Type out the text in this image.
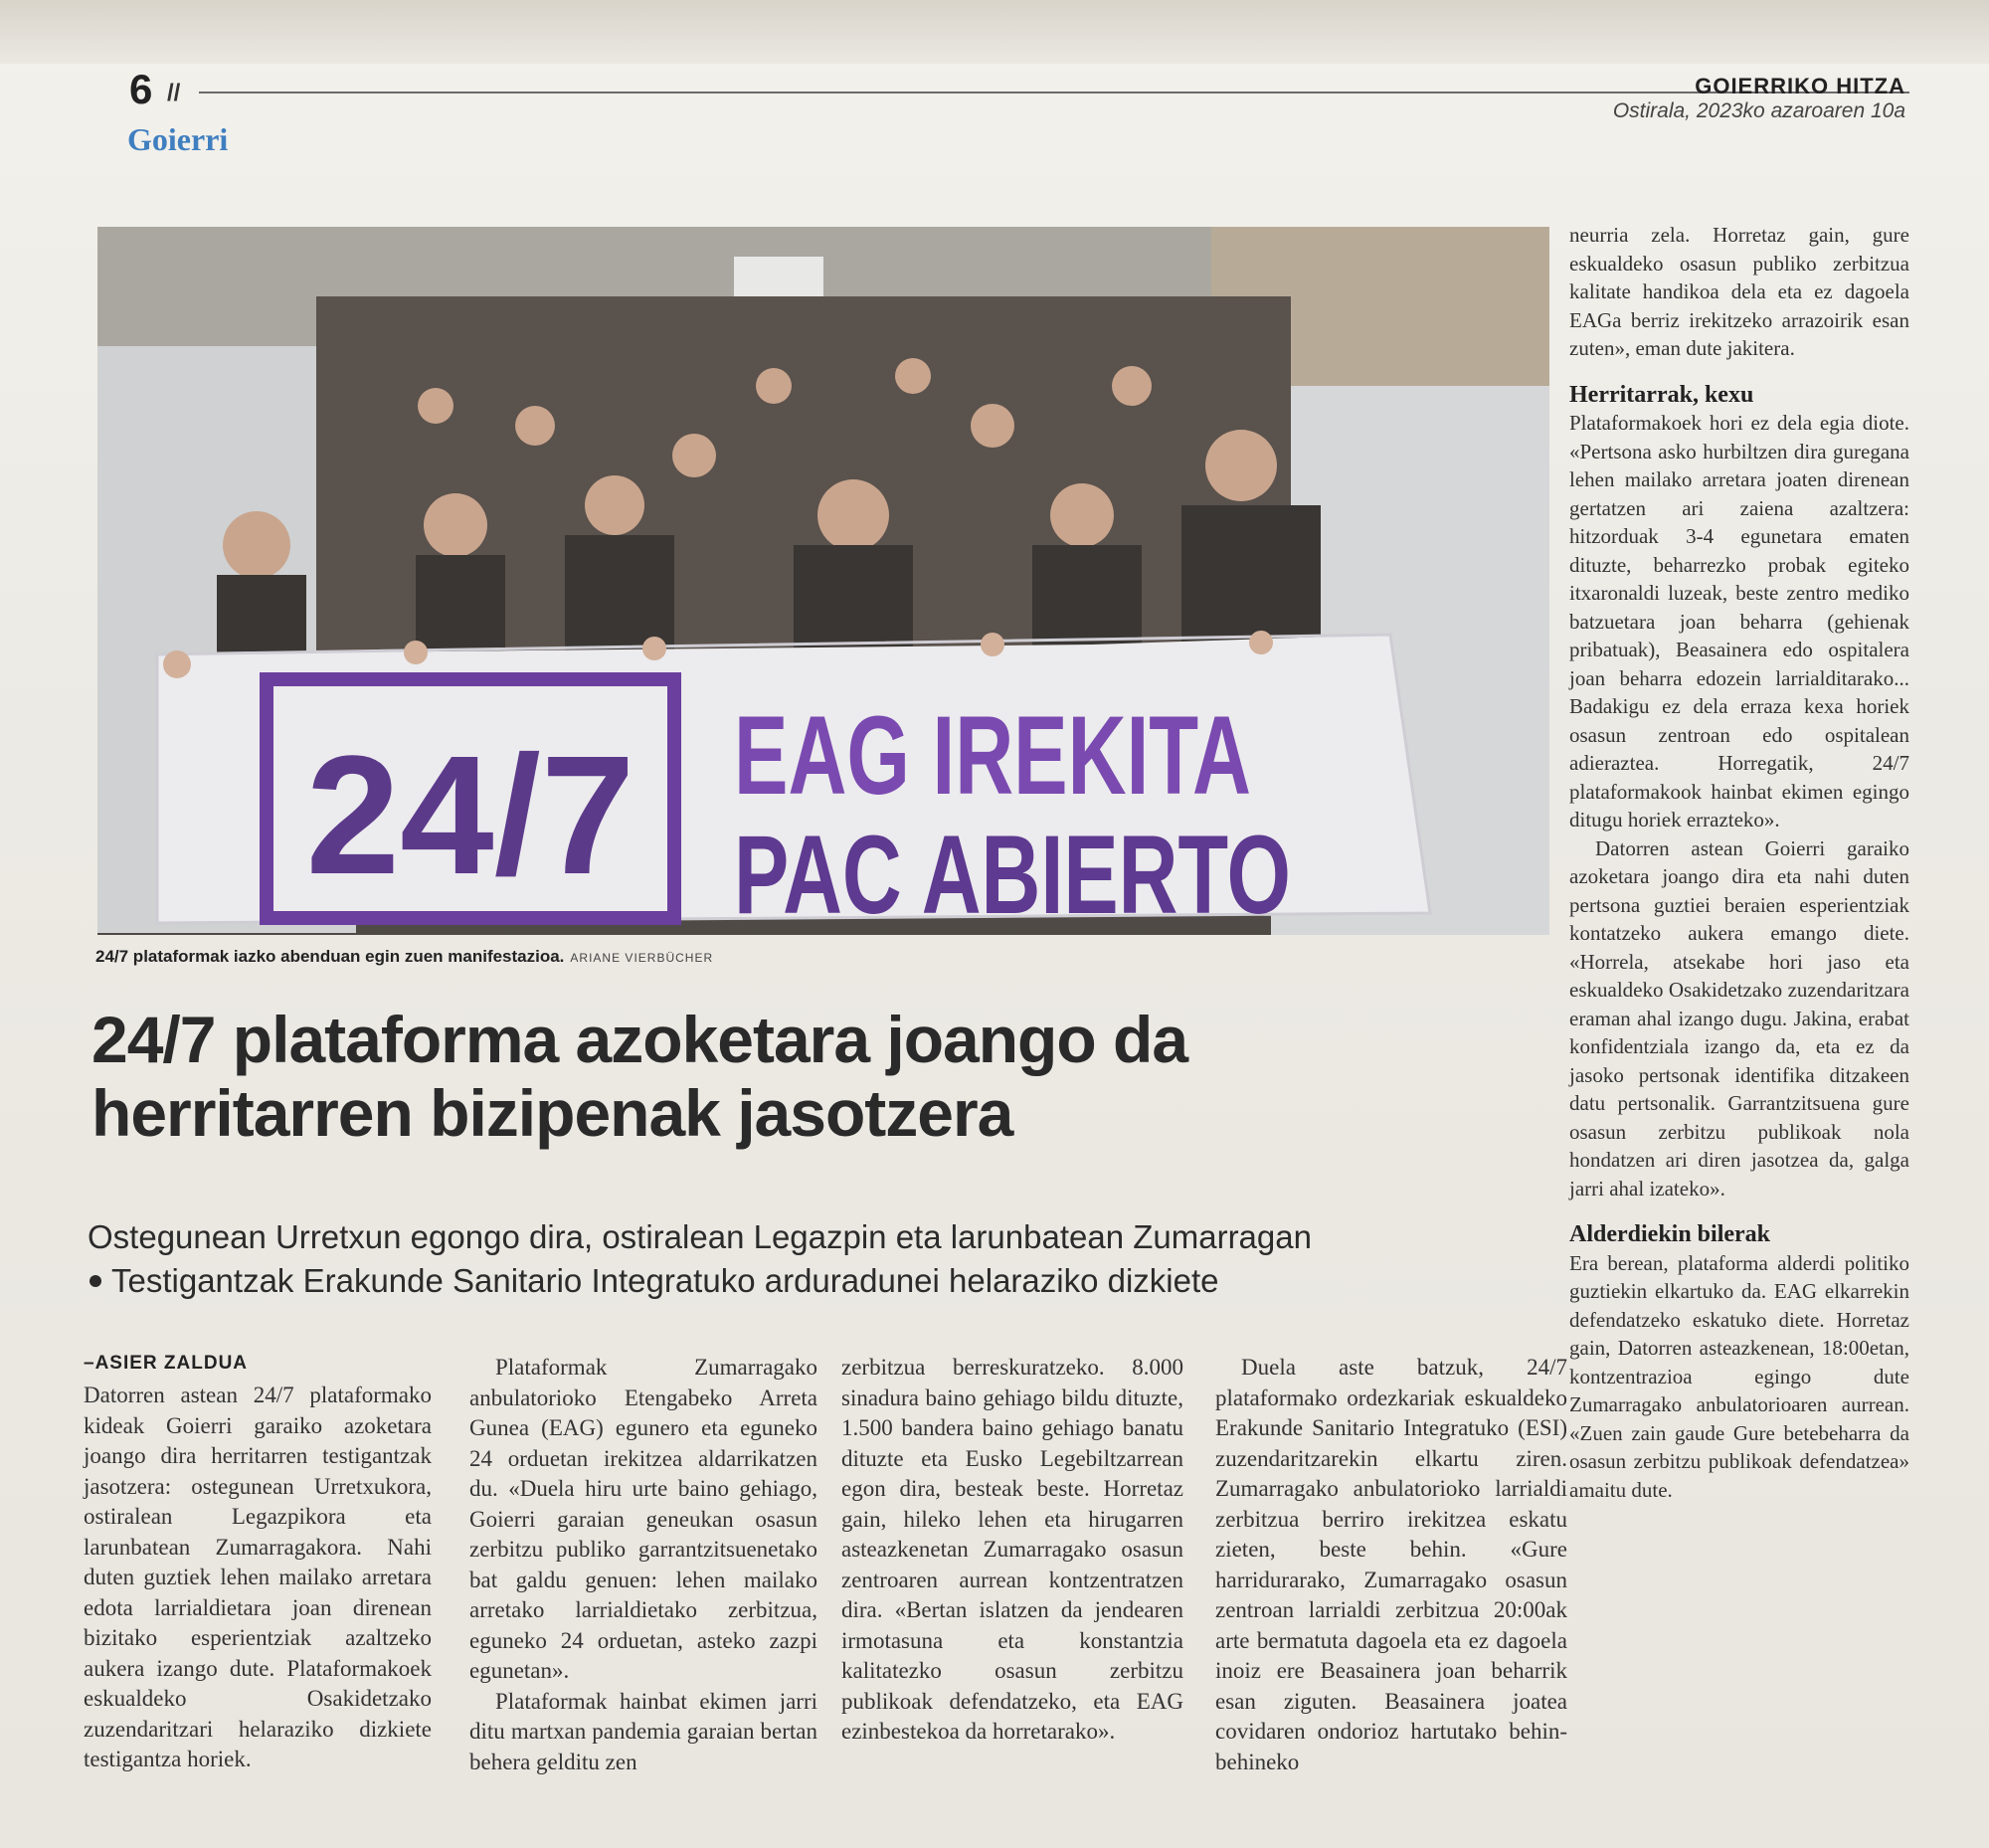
6 //
Goierri
GOIERRIKO HITZA
Ostirala, 2023ko azaroaren 10a
24/7 EAG IREKITA
PAC ABIERTO
24/7 plataformak iazko abenduan egin zuen manifestazioa. ARIANE VIERBÜCHER
24/7 plataforma azoketara joango da herritarren bizipenak jasotzera
Ostegunean Urretxun egongo dira, ostiralean Legazpin eta larunbatean Zumarragan
Testigantzak Erakunde Sanitario Integratuko arduradunei helaraziko dizkiete
–ASIER ZALDUA

Datorren astean 24/7 plataformako kideak Goierri garaiko azoketara joango dira herritarren testigantzak jasotzera: ostegunean Urretxukora, ostiralean Legazpikora eta larunbatean Zumarragakora. Nahi duten guztiek lehen mailako arretara edota larrialdietara joan direnean bizitako esperientziak azaltzeko aukera izango dute. Plataformakoek eskualdeko Osakidetzako zuzendaritzari helaraziko dizkiete testigantza horiek.

Plataformak Zumarragako anbulatorioko Etengabeko Arreta Gunea (EAG) egunero eta eguneko 24 orduetan irekitzea aldarrikatzen du. «Duela hiru urte baino gehiago, Goierri garaian geneukan osasun zerbitzu publiko garrantzitsuenetako bat galdu genuen: lehen mailako arretako larrialdietako zerbitzua, eguneko 24 orduetan, asteko zazpi egunetan».

Plataformak hainbat ekimen jarri ditu martxan pandemia garaian bertan behera gelditu zen

zerbitzua berreskuratzeko. 8.000 sinadura baino gehiago bildu dituzte, 1.500 bandera baino gehiago banatu dituzte eta Eusko Legebiltzarrean egon dira, besteak beste. Horretaz gain, hileko lehen eta hirugarren asteazkenetan Zumarragako osasun zentroaren aurrean kontzentratzen dira. «Bertan islatzen da jendearen irmotasuna eta konstantzia kalitatezko osasun zerbitzu publikoak defendatzeko, eta EAG ezinbestekoa da horretarako».

Duela aste batzuk, 24/7 plataformako ordezkariak eskualdeko Erakunde Sanitario Integratuko (ESI) zuzendaritzarekin elkartu ziren. Zumarragako anbulatorioko larrialdi zerbitzua berriro irekitzea eskatu zieten, beste behin. «Gure harridurarako, Zumarragako osasun zentroan larrialdi zerbitzua 20:00ak arte bermatuta dagoela eta ez dagoela inoiz ere Beasainera joan beharrik esan ziguten. Beasainera joatea covidaren ondorioz hartutako behin-behineko

neurria zela. Horretaz gain, gure eskualdeko osasun publiko zerbitzua kalitate handikoa dela eta ez dagoela EAGa berriz irekitzeko arrazoirik esan zuten», eman dute jakitera.

Herritarrak, kexu

Plataformakoek hori ez dela egia diote. «Pertsona asko hurbiltzen dira guregana lehen mailako arretara joaten direnean gertatzen ari zaiena azaltzera: hitzorduak 3-4 egunetara ematen dituzte, beharrezko probak egiteko itxaronaldi luzeak, beste zentro mediko batzuetara joan beharra (gehienak pribatuak), Beasainera edo ospitalera joan beharra edozein larrialditarako... Badakigu ez dela erraza kexa horiek osasun zentroan edo ospitalean adieraztea. Horregatik, 24/7 plataformakook hainbat ekimen egingo ditugu horiek errazteko».

Datorren astean Goierri garaiko azoketara joango dira eta nahi duten pertsona guztiei beraien esperientziak kontatzeko aukera emango diete. «Horrela, atsekabe hori jaso eta eskualdeko Osakidetzako zuzendaritzara eraman ahal izango dugu. Jakina, erabat konfidentziala izango da, eta ez da jasoko pertsonak identifika ditzakeen datu pertsonalik. Garrantzitsuena gure osasun zerbitzu publikoak nola hondatzen ari diren jasotzea da, galga jarri ahal izateko».

Alderdiekin bilerak

Era berean, plataforma alderdi politiko guztiekin elkartuko da. EAG elkarrekin defendatzeko eskatuko diete. Horretaz gain, Datorren asteazkenean, 18:00etan, kontzentrazioa egingo dute Zumarragako anbulatorioaren aurrean. «Zuen zain gaude Gure betebeharra da osasun zerbitzu publikoak defendatzea» amaitu dute.
